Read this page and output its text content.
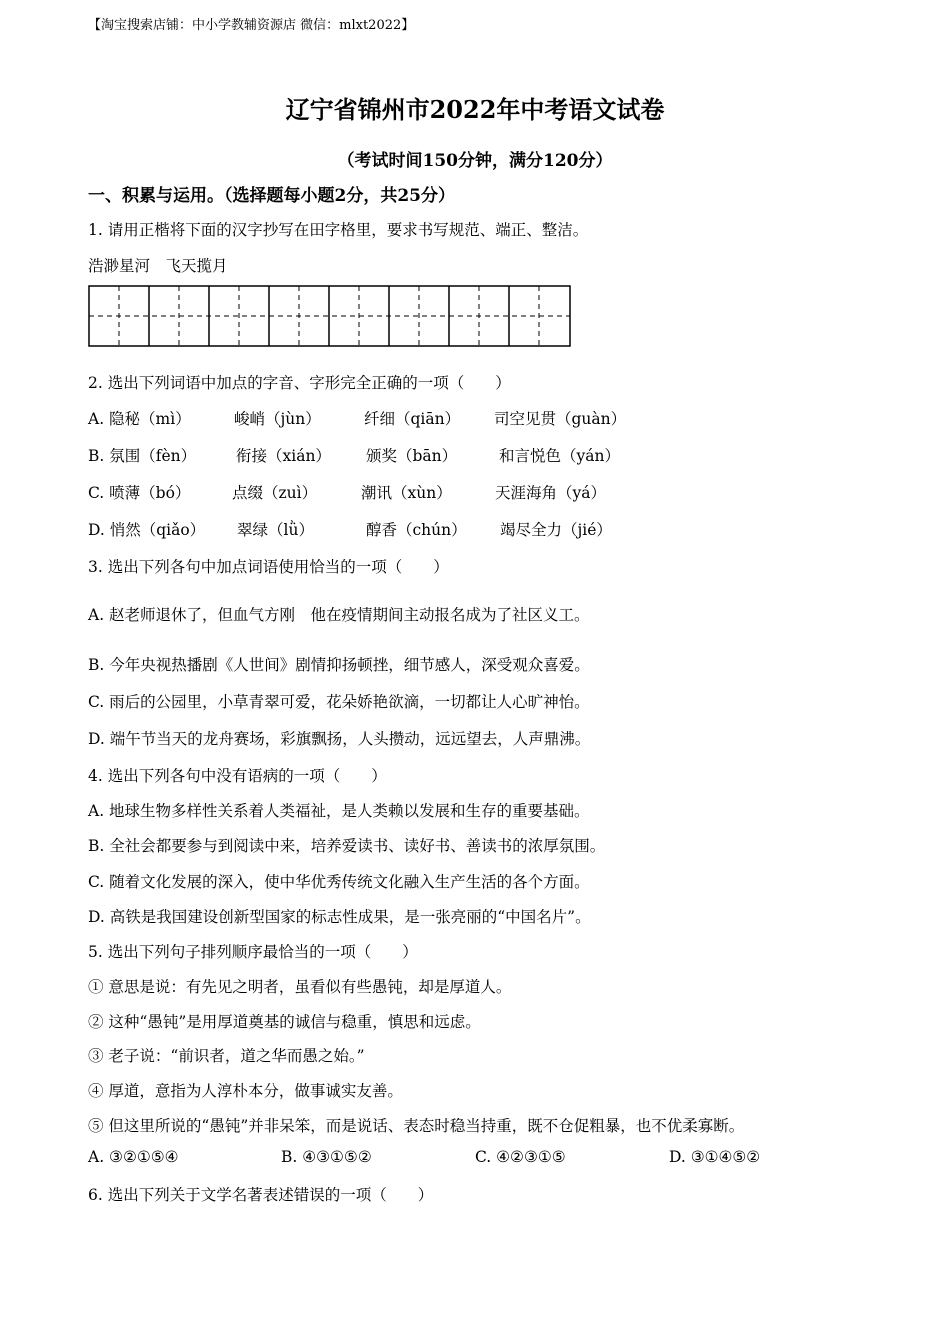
【淘宝搜索店铺：中小学教辅资源店 微信：mlxt2022】
辽宁省锦州市2022年中考语文试卷
（考试时间150分钟，满分120分）
一、积累与运用。（选择题每小题2分，共25分）
1. 请用正楷将下面的汉字抄写在田字格里，要求书写规范、端正、整洁。
浩渺星河　飞天揽月
2. 选出下列词语中加点的字音、字形完全正确的一项（　　）
A. 隐秘（mì）	峻峭（jùn）	纤细（qiān） 司空见贯（guàn）
B. 氛围（fèn）	衔接（xián） 颁奖（bān）	和言悦色（yán）
C. 喷薄（bó）	点缀（zuì）	潮讯（xùn）	天涯海角（yá）
D. 悄然（qiǎo） 翠绿（lǜ）	醇香（chún） 竭尽全力（jié）
3. 选出下列各句中加点词语使用恰当的一项（　　）
A. 赵老师退休了，但血气方刚　他在疫情期间主动报名成为了社区义工。
B. 今年央视热播剧《人世间》剧情抑扬顿挫，细节感人，深受观众喜爱。
C. 雨后的公园里，小草青翠可爱，花朵娇艳欲滴，一切都让人心旷神怡。
D. 端午节当天的龙舟赛场，彩旗飘扬，人头攒动，远远望去，人声鼎沸。
4. 选出下列各句中没有语病的一项（　　）
A. 地球生物多样性关系着人类福祉，是人类赖以发展和生存的重要基础。
B. 全社会都要参与到阅读中来，培养爱读书、读好书、善读书的浓厚氛围。
C. 随着文化发展的深入，使中华优秀传统文化融入生产生活的各个方面。
D. 高铁是我国建设创新型国家的标志性成果，是一张亮丽的“中国名片”。
5. 选出下列句子排列顺序最恰当的一项（　　）
① 意思是说：有先见之明者，虽看似有些愚钝，却是厚道人。
② 这种“愚钝”是用厚道奠基的诚信与稳重，慎思和远虑。
③ 老子说：“前识者，道之华而愚之始。”
④ 厚道，意指为人淳朴本分，做事诚实友善。
⑤ 但这里所说的“愚钝”并非呆笨，而是说话、表态时稳当持重，既不仓促粗暴，也不优柔寡断。
A. ③②①⑤④	B. ④③①⑤②	C. ④②③①⑤	D. ③①④⑤②
6. 选出下列关于文学名著表述错误的一项（　　）
